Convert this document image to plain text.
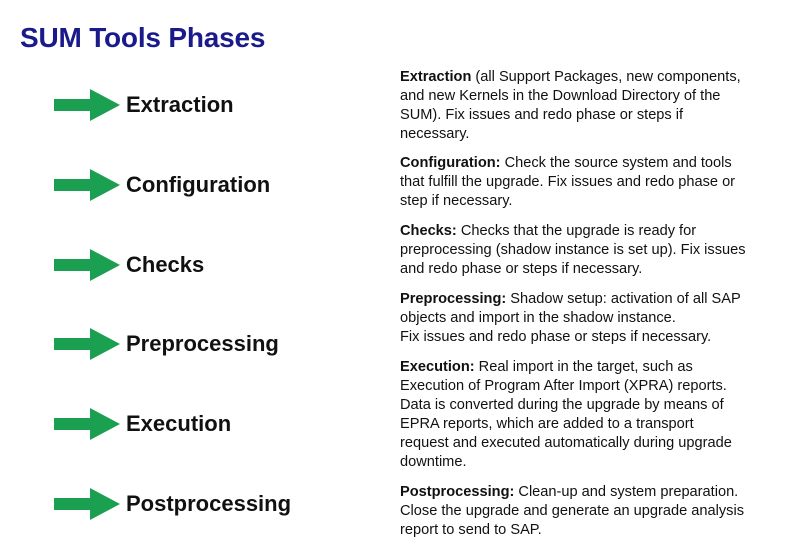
SUM Tools Phases
Extraction
Extraction (all Support Packages, new components,
and new Kernels in the Download Directory of the
SUM). Fix issues and redo phase or steps if
necessary.
Configuration
Configuration: Check the source system and tools
that fulfill the upgrade. Fix issues and redo phase or
step if necessary.
Checks
Checks: Checks that the upgrade is ready for
preprocessing (shadow instance is set up). Fix issues
and redo phase or steps if necessary.
Preprocessing
Preprocessing: Shadow setup: activation of all SAP
objects and import in the shadow instance.
Fix issues and redo phase or steps if necessary.
Execution
Execution: Real import in the target, such as
Execution of Program After Import (XPRA) reports.
Data is converted during the upgrade by means of
EPRA reports, which are added to a transport
request and executed automatically during upgrade
downtime.
Postprocessing	Postprocessing: Clean-up and system preparation.
Close the upgrade and generate an upgrade analysis
report to send to SAP.
